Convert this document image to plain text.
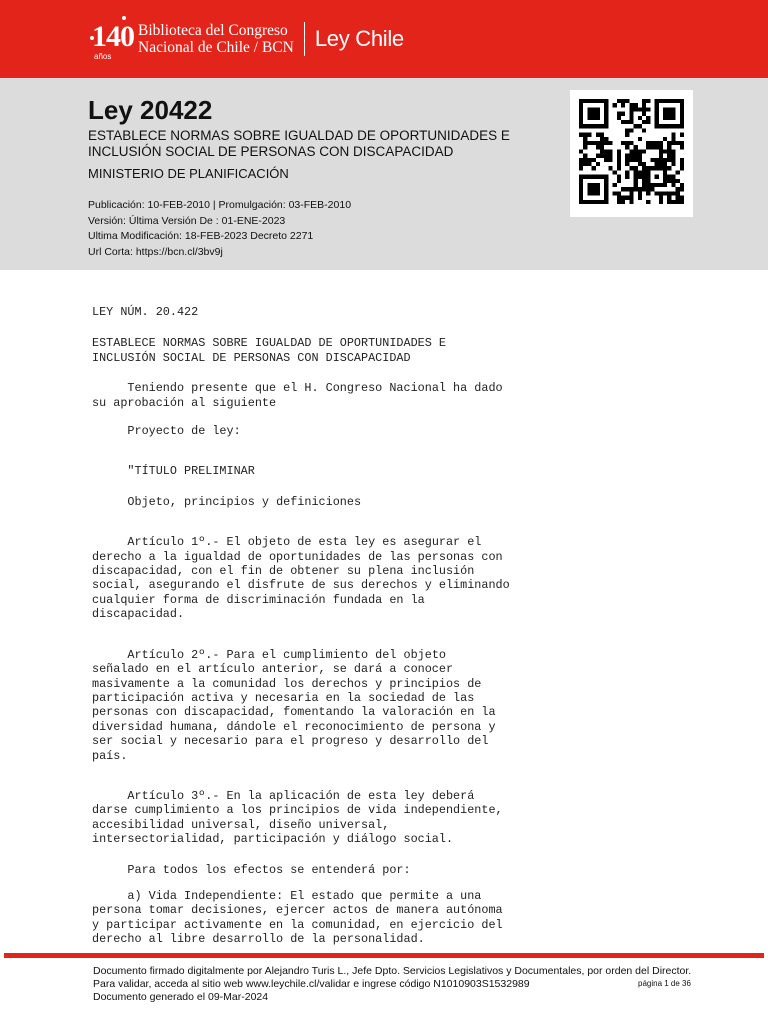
140
años
Biblioteca del Congreso
Nacional de Chile / BCN Ley Chile
Ley 20422
ESTABLECE NORMAS SOBRE IGUALDAD DE OPORTUNIDADES E INCLUSIÓN SOCIAL DE PERSONAS CON DISCAPACIDAD
MINISTERIO DE PLANIFICACIÓN
Publicación: 10-FEB-2010 | Promulgación: 03-FEB-2010
Versión: Última Versión De : 01-ENE-2023
Ultima Modificación: 18-FEB-2023 Decreto 2271
Url Corta: https://bcn.cl/3bv9j

LEY NÚM. 20.422

ESTABLECE NORMAS SOBRE IGUALDAD DE OPORTUNIDADES E
INCLUSIÓN SOCIAL DE PERSONAS CON DISCAPACIDAD

Teniendo presente que el H. Congreso Nacional ha dado
su aprobación al siguiente

Proyecto de ley:

"TÍTULO PRELIMINAR

Objeto, principios y definiciones

Artículo 1º.- El objeto de esta ley es asegurar el
derecho a la igualdad de oportunidades de las personas con
discapacidad, con el fin de obtener su plena inclusión
social, asegurando el disfrute de sus derechos y eliminando
cualquier forma de discriminación fundada en la
discapacidad.

Artículo 2º.- Para el cumplimiento del objeto
señalado en el artículo anterior, se dará a conocer
masivamente a la comunidad los derechos y principios de
participación activa y necesaria en la sociedad de las
personas con discapacidad, fomentando la valoración en la
diversidad humana, dándole el reconocimiento de persona y
ser social y necesario para el progreso y desarrollo del
país.

Artículo 3º.- En la aplicación de esta ley deberá
darse cumplimiento a los principios de vida independiente,
accesibilidad universal, diseño universal,
intersectorialidad, participación y diálogo social.

Para todos los efectos se entenderá por:

a) Vida Independiente: El estado que permite a una
persona tomar decisiones, ejercer actos de manera autónoma
y participar activamente en la comunidad, en ejercicio del
derecho al libre desarrollo de la personalidad.

Documento firmado digitalmente por Alejandro Turis L., Jefe Dpto. Servicios Legislativos y Documentales, por orden del Director.
Para validar, acceda al sitio web www.leychile.cl/validar e ingrese código N1010903S1532989
Documento generado el 09-Mar-2024
página 1 de 36
